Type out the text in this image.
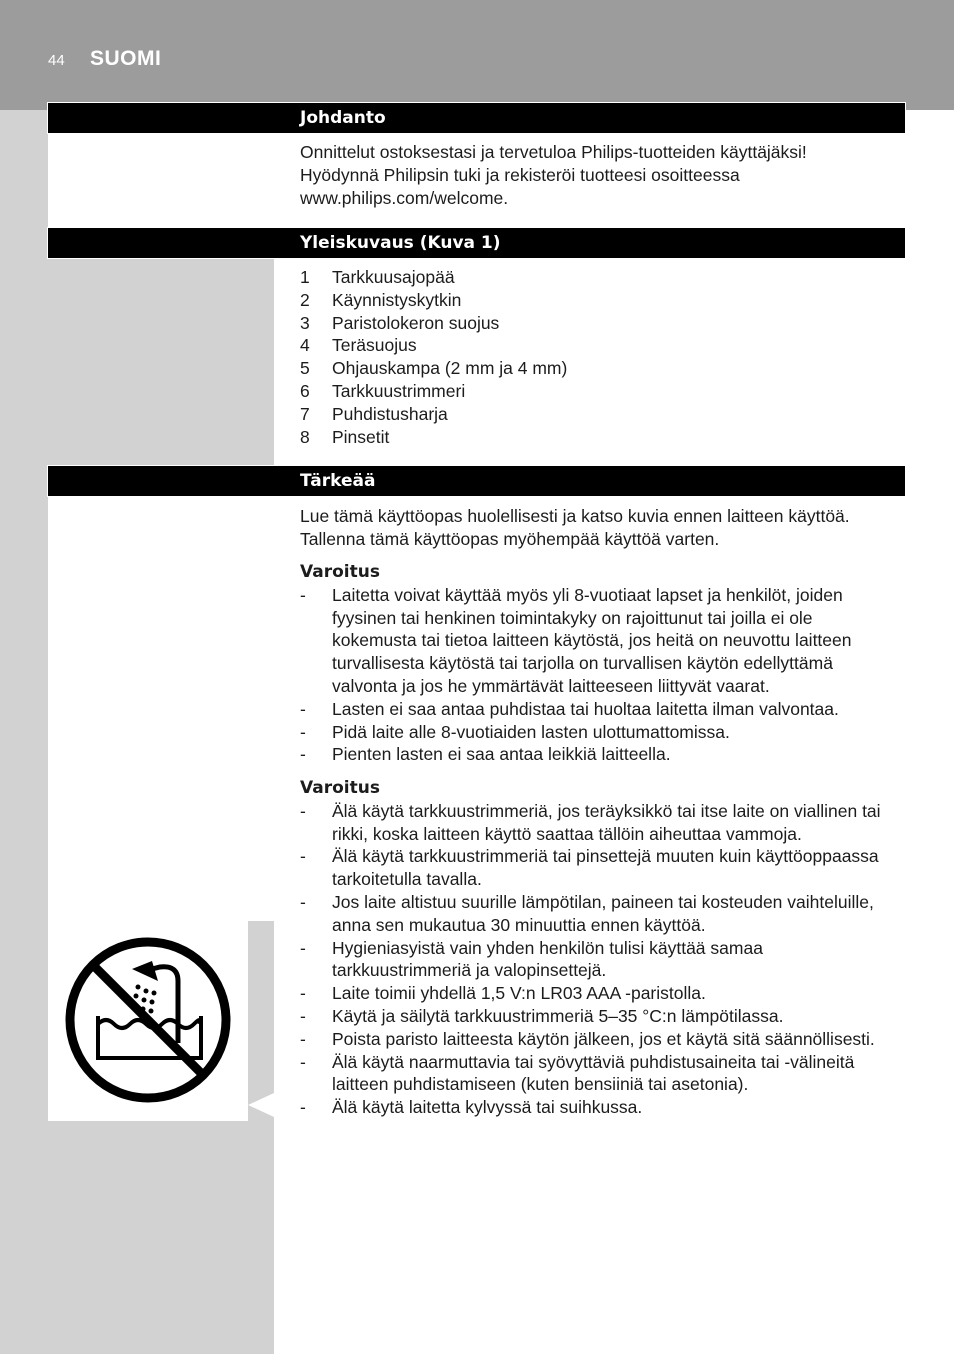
44 SUOMI
Johdanto

Onnittelut ostoksestasi ja tervetuloa Philips-tuotteiden käyttäjäksi!

Hyödynnä Philipsin tuki ja rekisteröi tuotteesi osoitteessa

www.philips.com/welcome.

Yleiskuvaus (Kuva 1)
1	Tarkkuusajopää
2	Käynnistyskytkin
3	Paristolokeron suojus
4	Teräsuojus
5	Ohjauskampa (2 mm ja 4 mm)
6	Tarkkuustrimmeri
7	Puhdistusharja
8	Pinsetit
Tärkeää

Lue tämä käyttöopas huolellisesti ja katso kuvia ennen laitteen käyttöä.

Tallenna tämä käyttöopas myöhempää käyttöä varten.

Varoitus

-	Laitetta voivat käyttää myös yli 8-vuotiaat lapset ja henkilöt, joiden
fyysinen tai henkinen toimintakyky on rajoittunut tai joilla ei ole
kokemusta tai tietoa laitteen käytöstä, jos heitä on neuvottu laitteen
turvallisesta käytöstä tai tarjolla on turvallisen käytön edellyttämä
valvonta ja jos he ymmärtävät laitteeseen liittyvät vaarat.
-	Lasten ei saa antaa puhdistaa tai huoltaa laitetta ilman valvontaa.
-	Pidä laite alle 8-vuotiaiden lasten ulottumattomissa.
-	Pienten lasten ei saa antaa leikkiä laitteella.

Varoitus

-	Älä käytä tarkkuustrimmeriä, jos teräyksikkö tai itse laite on viallinen tai
rikki, koska laitteen käyttö saattaa tällöin aiheuttaa vammoja.
-	Älä käytä tarkkuustrimmeriä tai pinsettejä muuten kuin käyttöoppaassa
tarkoitetulla tavalla.
-	Jos laite altistuu suurille lämpötilan, paineen tai kosteuden vaihteluille,
anna sen mukautua 30 minuuttia ennen käyttöä.
-	Hygieniasyistä vain yhden henkilön tulisi käyttää samaa
tarkkuustrimmeriä ja valopinsettejä.
-	Laite toimii yhdellä 1,5 V:n LR03 AAA -paristolla.
-	Käytä ja säilytä tarkkuustrimmeriä 5–35 °C:n lämpötilassa.
-	Poista paristo laitteesta käytön jälkeen, jos et käytä sitä säännöllisesti.
-	Älä käytä naarmuttavia tai syövyttäviä puhdistusaineita tai -välineitä
laitteen puhdistamiseen (kuten bensiiniä tai asetonia).
-	Älä käytä laitetta kylvyssä tai suihkussa.
